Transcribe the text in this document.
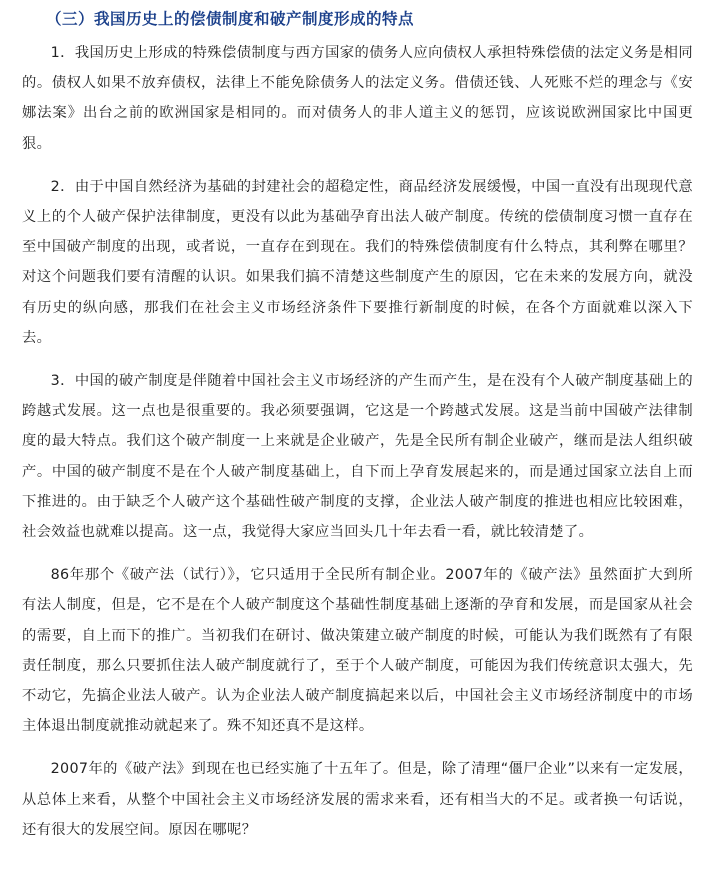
（三）我国历史上的偿债制度和破产制度形成的特点

1．我国历史上形成的特殊偿债制度与西方国家的债务人应向债权人承担特殊偿债的法定义务是相同的。债权人如果不放弃债权，法律上不能免除债务人的法定义务。借债还钱、人死账不烂的理念与《安娜法案》出台之前的欧洲国家是相同的。而对债务人的非人道主义的惩罚，应该说欧洲国家比中国更狠。

2．由于中国自然经济为基础的封建社会的超稳定性，商品经济发展缓慢，中国一直没有出现现代意义上的个人破产保护法律制度，更没有以此为基础孕育出法人破产制度。传统的偿债制度习惯一直存在至中国破产制度的出现，或者说，一直存在到现在。我们的特殊偿债制度有什么特点，其利弊在哪里？对这个问题我们要有清醒的认识。如果我们搞不清楚这些制度产生的原因，它在未来的发展方向，就没有历史的纵向感，那我们在社会主义市场经济条件下要推行新制度的时候，在各个方面就难以深入下去。

3．中国的破产制度是伴随着中国社会主义市场经济的产生而产生，是在没有个人破产制度基础上的跨越式发展。这一点也是很重要的。我必须要强调，它这是一个跨越式发展。这是当前中国破产法律制度的最大特点。我们这个破产制度一上来就是企业破产，先是全民所有制企业破产，继而是法人组织破产。中国的破产制度不是在个人破产制度基础上，自下而上孕育发展起来的，而是通过国家立法自上而下推进的。由于缺乏个人破产这个基础性破产制度的支撑，企业法人破产制度的推进也相应比较困难，社会效益也就难以提高。这一点，我觉得大家应当回头几十年去看一看，就比较清楚了。

86年那个《破产法（试行）》，它只适用于全民所有制企业。2007年的《破产法》虽然面扩大到所有法人制度，但是，它不是在个人破产制度这个基础性制度基础上逐渐的孕育和发展，而是国家从社会的需要，自上而下的推广。当初我们在研讨、做决策建立破产制度的时候，可能认为我们既然有了有限责任制度，那么只要抓住法人破产制度就行了，至于个人破产制度，可能因为我们传统意识太强大，先不动它，先搞企业法人破产。认为企业法人破产制度搞起来以后，中国社会主义市场经济制度中的市场主体退出制度就推动就起来了。殊不知还真不是这样。

2007年的《破产法》到现在也已经实施了十五年了。但是，除了清理“僵尸企业”以来有一定发展，从总体上来看，从整个中国社会主义市场经济发展的需求来看，还有相当大的不足。或者换一句话说，还有很大的发展空间。原因在哪呢？
